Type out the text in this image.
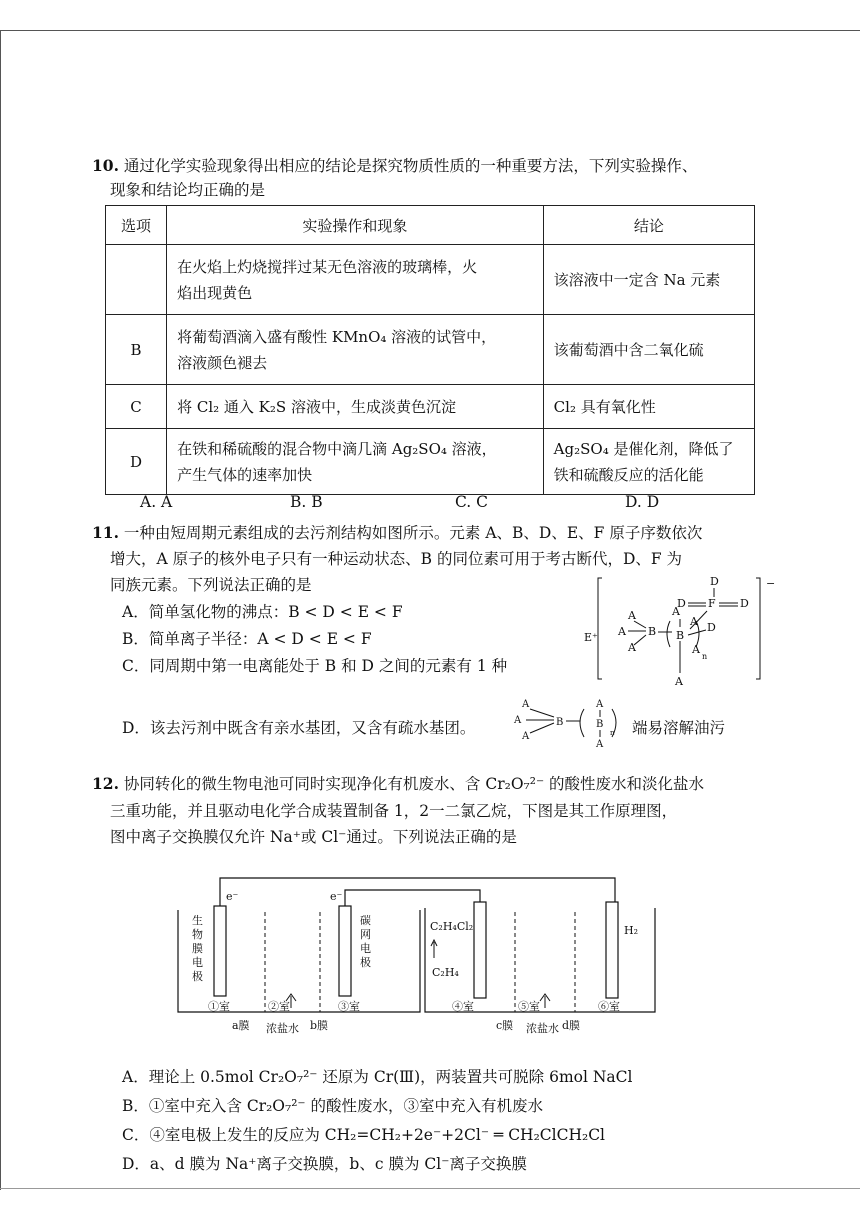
10. 通过化学实验现象得出相应的结论是探究物质性质的一种重要方法，下列实验操作、
现象和结论均正确的是
选项	实验操作和现象	结论

	在火焰上灼烧搅拌过某无色溶液的玻璃棒，火
焰出现黄色	该溶液中一定含 Na 元素

B	将葡萄酒滴入盛有酸性 KMnO₄ 溶液的试管中，
溶液颜色褪去	该葡萄酒中含二氧化硫

C	将 Cl₂ 通入 K₂S 溶液中，生成淡黄色沉淀	Cl₂ 具有氧化性

D	在铁和稀硫酸的混合物中滴几滴 Ag₂SO₄ 溶液，
产生气体的速率加快	Ag₂SO₄ 是催化剂，降低了
铁和硫酸反应的活化能
A. A	B. B	C. C	D. D
11. 一种由短周期元素组成的去污剂结构如图所示。元素 A、B、D、E、F 原子序数依次
增大，A 原子的核外电子只有一种运动状态、B 的同位素可用于考古断代，D、F 为
同族元素。下列说法正确的是
A．简单氢化物的沸点：B < D < E < F
B．简单离子半径：A < D < E < F
C．同周期中第一电离能处于 B 和 D 之间的元素有 1 种
D．该去污剂中既含有亲水基团，又含有疏水基团。	端易溶解油污
E⁺
D
D F D
D
A
A
A
B
A
B
A
A
A
n
−
A
A
A
B
A
B
A
n
12. 协同转化的微生物电池可同时实现净化有机废水、含 Cr₂O₇²⁻ 的酸性废水和淡化盐水
三重功能，并且驱动电化学合成装置制备 1，2一二氯乙烷，下图是其工作原理图，
图中离子交换膜仅允许 Na⁺或 Cl⁻通过。下列说法正确的是
e⁻	e⁻
生
物
膜
电
极
碳
网
电
极
C₂H₄Cl₂
C₂H₄
H₂
①室	②室	③室	④室	⑤室	⑥室
a膜 浓盐水 b膜	c膜 浓盐水 d膜
A．理论上 0.5mol Cr₂O₇²⁻ 还原为 Cr(Ⅲ)，两装置共可脱除 6mol NaCl
B．①室中充入含 Cr₂O₇²⁻ 的酸性废水，③室中充入有机废水
C．④室电极上发生的反应为 CH₂=CH₂+2e⁻+2Cl⁻ ═ CH₂ClCH₂Cl
D．a、d 膜为 Na⁺离子交换膜，b、c 膜为 Cl⁻离子交换膜
